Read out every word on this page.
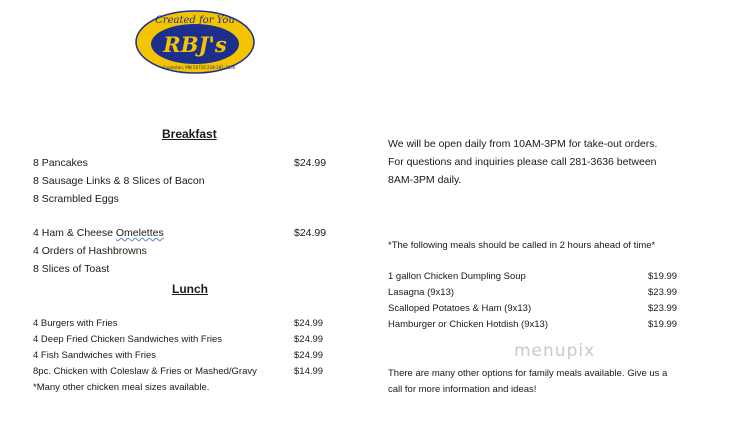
Created for You
RBJ's
Crookston, MN 56716 218-281-3636
Breakfast
8 Pancakes
8 Sausage Links & 8 Slices of Bacon
8 Scrambled Eggs
$24.99
4 Ham & Cheese Omelettes
4 Orders of Hashbrowns
8 Slices of Toast
$24.99
Lunch
4 Burgers with Fries	$24.99
4 Deep Fried Chicken Sandwiches with Fries	$24.99
4 Fish Sandwiches with Fries	$24.99
8pc. Chicken with Coleslaw & Fries or Mashed/Gravy	$14.99
*Many other chicken meal sizes available.
We will be open daily from 10AM-3PM for take-out orders.
For questions and inquiries please call 281-3636 between
8AM-3PM daily.
*The following meals should be called in 2 hours ahead of time*
1 gallon Chicken Dumpling Soup	$19.99
Lasagna (9x13)	$23.99
Scalloped Potatoes & Ham (9x13)	$23.99
Hamburger or Chicken Hotdish (9x13)	$19.99
menupix
There are many other options for family meals available. Give us a
call for more information and ideas!
